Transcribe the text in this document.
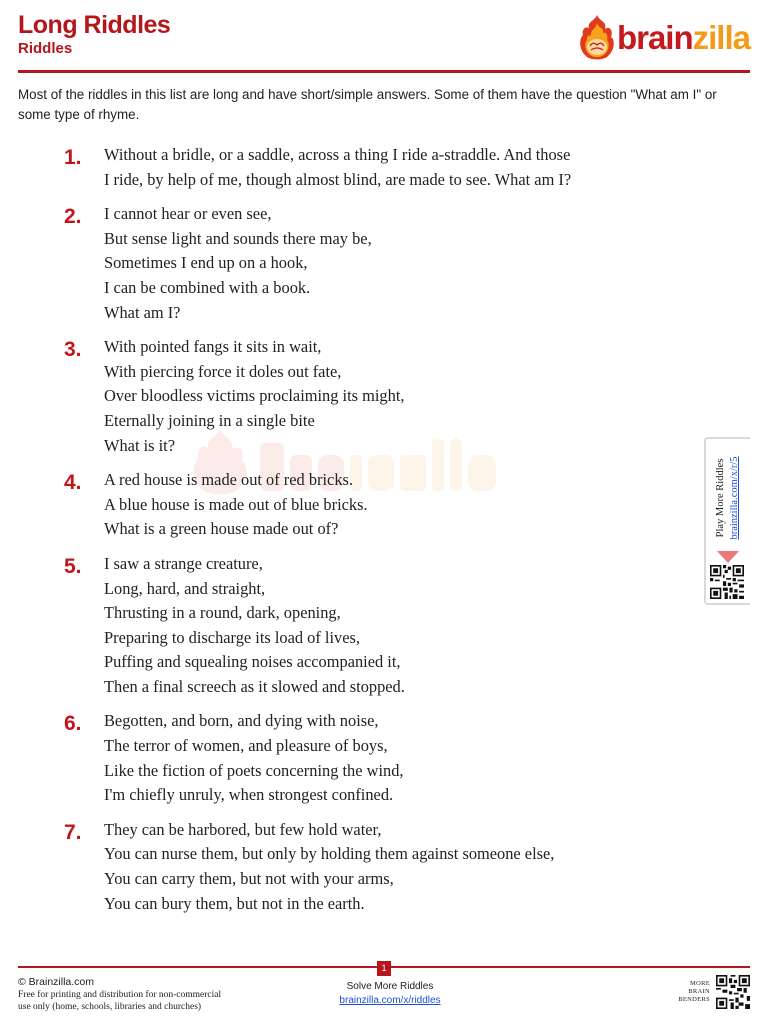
Long Riddles
Riddles	brainzilla
Most of the riddles in this list are long and have short/simple answers. Some of them have the question "What am I" or some type of rhyme.
1. Without a bridle, or a saddle, across a thing I ride a-straddle. And those
I ride, by help of me, though almost blind, are made to see. What am I?
2. I cannot hear or even see,
But sense light and sounds there may be,
Sometimes I end up on a hook,
I can be combined with a book.
What am I?
3. With pointed fangs it sits in wait,
With piercing force it doles out fate,
Over bloodless victims proclaiming its might,
Eternally joining in a single bite
What is it?
4. A red house is made out of red bricks.
A blue house is made out of blue bricks.
What is a green house made out of?
5. I saw a strange creature,
Long, hard, and straight,
Thrusting in a round, dark, opening,
Preparing to discharge its load of lives,
Puffing and squealing noises accompanied it,
Then a final screech as it slowed and stopped.
6. Begotten, and born, and dying with noise,
The terror of women, and pleasure of boys,
Like the fiction of poets concerning the wind,
I'm chiefly unruly, when strongest confined.
7. They can be harbored, but few hold water,
You can nurse them, but only by holding them against someone else,
You can carry them, but not with your arms,
You can bury them, but not in the earth.
Play More Riddles brainzilla.com/x/r/5
1
© Brainzilla.com
Free for printing and distribution for non-commercial
use only (home, schools, libraries and churches)
Solve More Riddles
brainzilla.com/x/riddles
MORE
BRAIN
BENDERS
